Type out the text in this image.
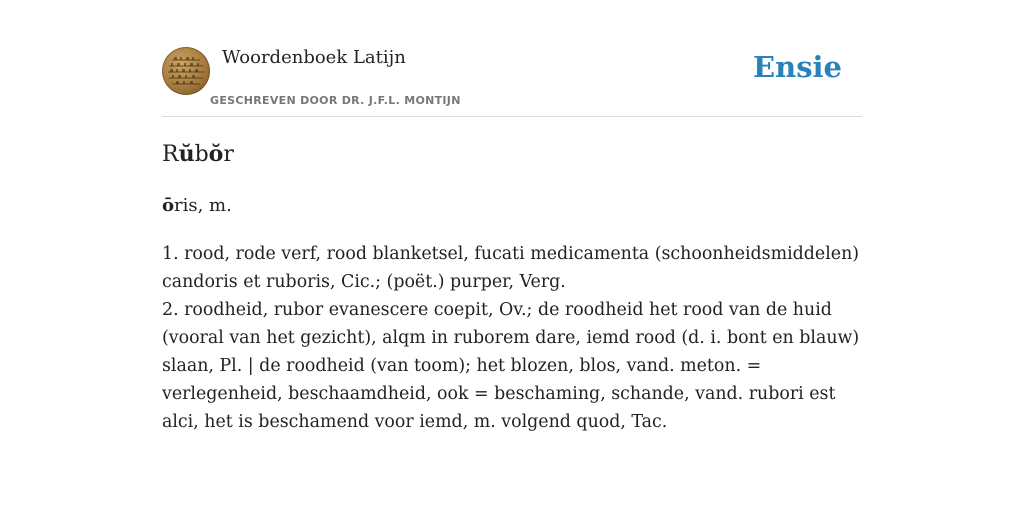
Woordenboek Latijn
GESCHREVEN DOOR DR. J.F.L. MONTIJN
Ensie
Rŭbŏr
ōris, m.

1. rood, rode verf, rood blanketsel, fucati medicamenta (schoonheidsmiddelen) candoris et ruboris, Cic.; (poët.) purper, Verg.

2. roodheid, rubor evanescere coepit, Ov.; de roodheid het rood van de huid (vooral van het gezicht), alqm in ruborem dare, iemd rood (d. i. bont en blauw) slaan, Pl. | de roodheid (van toom); het blozen, blos, vand. meton. = verlegenheid, beschaamdheid, ook = beschaming, schande, vand. rubori est alci, het is beschamend voor iemd, m. volgend quod, Tac.
